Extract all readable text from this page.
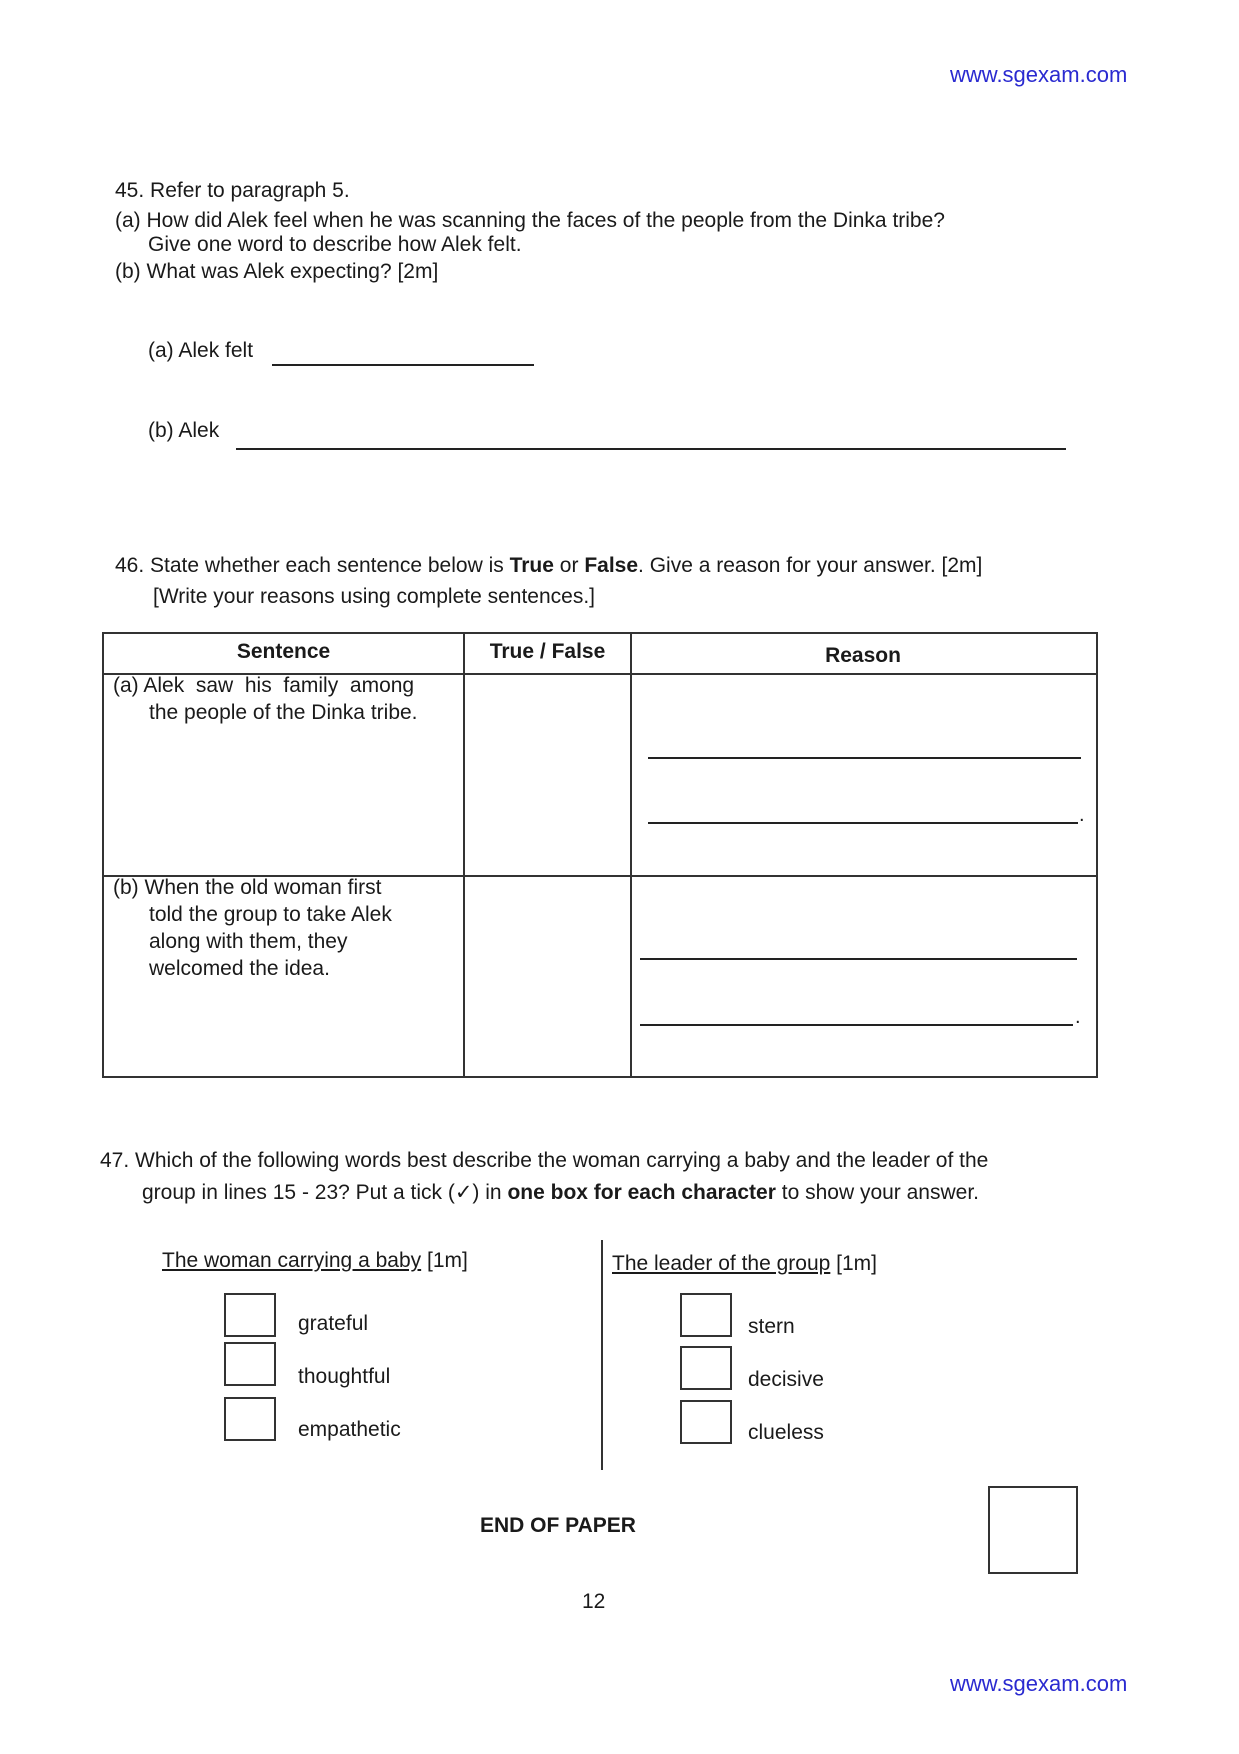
www.sgexam.com
45. Refer to paragraph 5.
(a) How did Alek feel when he was scanning the faces of the people from the Dinka tribe?
Give one word to describe how Alek felt.
(b) What was Alek expecting? [2m]
(a) Alek felt
(b) Alek
46. State whether each sentence below is True or False. Give a reason for your answer. [2m]
[Write your reasons using complete sentences.]
Sentence	True / False	Reason
(a) Alek  saw  his  family  among
the people of the Dinka tribe.
.
(b) When the old woman first
told the group to take Alek
along with them, they
welcomed the idea.
.
47. Which of the following words best describe the woman carrying a baby and the leader of the
group in lines 15 - 23? Put a tick (✓) in one box for each character to show your answer.
The woman carrying a baby [1m]
grateful
thoughtful
empathetic
The leader of the group [1m]
stern
decisive
clueless
END OF PAPER
12
www.sgexam.com
